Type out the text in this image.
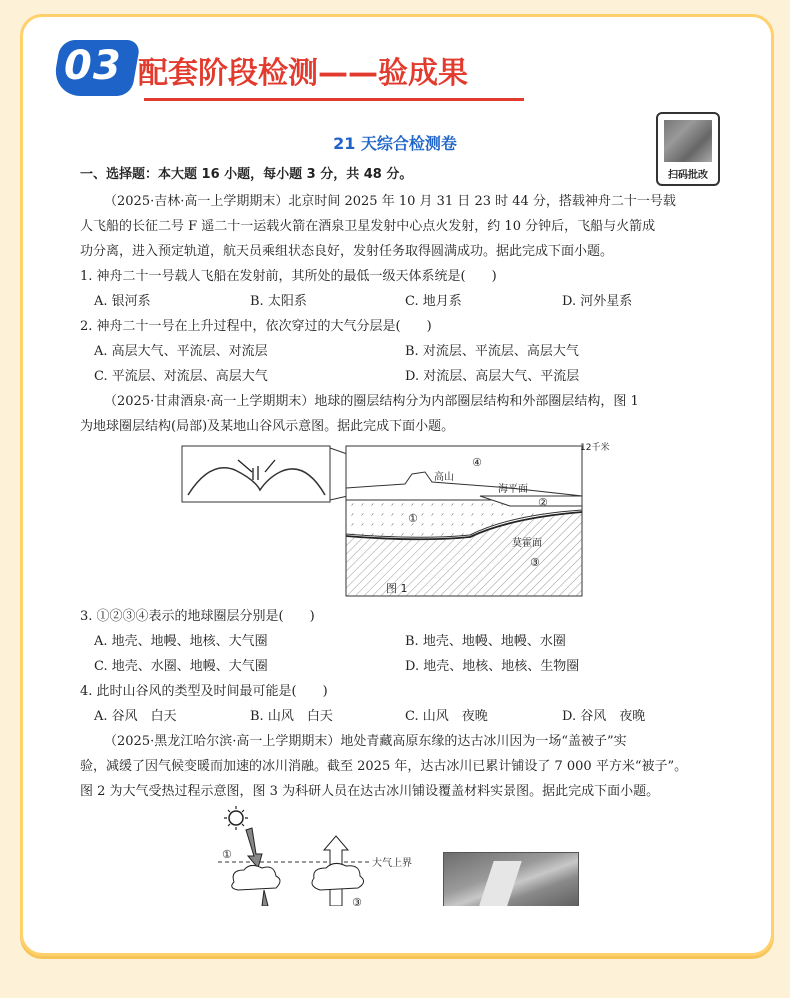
03 配套阶段检测——验成果
扫码批改
21 天综合检测卷
一、选择题：本大题 16 小题，每小题 3 分，共 48 分。
（2025·吉林·高一上学期期末）北京时间 2025 年 10 月 31 日 23 时 44 分，搭载神舟二十一号载
人飞船的长征二号 F 遥二十一运载火箭在酒泉卫星发射中心点火发射，约 10 分钟后，飞船与火箭成
功分离，进入预定轨道，航天员乘组状态良好，发射任务取得圆满成功。据此完成下面小题。
1. 神舟二十一号载人飞船在发射前，其所处的最低一级天体系统是(　　)
A. 银河系	B. 太阳系	C. 地月系	D. 河外星系
2. 神舟二十一号在上升过程中，依次穿过的大气分层是(　　)
A. 高层大气、平流层、对流层	B. 对流层、平流层、高层大气
C. 平流层、对流层、高层大气	D. 对流层、高层大气、平流层
（2025·甘肃酒泉·高一上学期期末）地球的圈层结构分为内部圈层结构和外部圈层结构，图 1
为地球圈层结构(局部)及某地山谷风示意图。据此完成下面小题。
12千米
高山
④
海平面
②
①
莫霍面
③
图 1
3. ①②③④表示的地球圈层分别是(　　)
A. 地壳、地幔、地核、大气圈	B. 地壳、地幔、地幔、水圈
C. 地壳、水圈、地幔、大气圈	D. 地壳、地核、地核、生物圈
4. 此时山谷风的类型及时间最可能是(　　)
A. 谷风　白天	B. 山风　白天	C. 山风　夜晚	D. 谷风　夜晚
（2025·黑龙江哈尔滨·高一上学期期末）地处青藏高原东缘的达古冰川因为一场“盖被子”实
验，减缓了因气候变暖而加速的冰川消融。截至 2025 年，达古冰川已累计铺设了 7 000 平方米“被子”。
图 2 为大气受热过程示意图，图 3 为科研人员在达古冰川铺设覆盖材料实景图。据此完成下面小题。
大气上界
①
③
